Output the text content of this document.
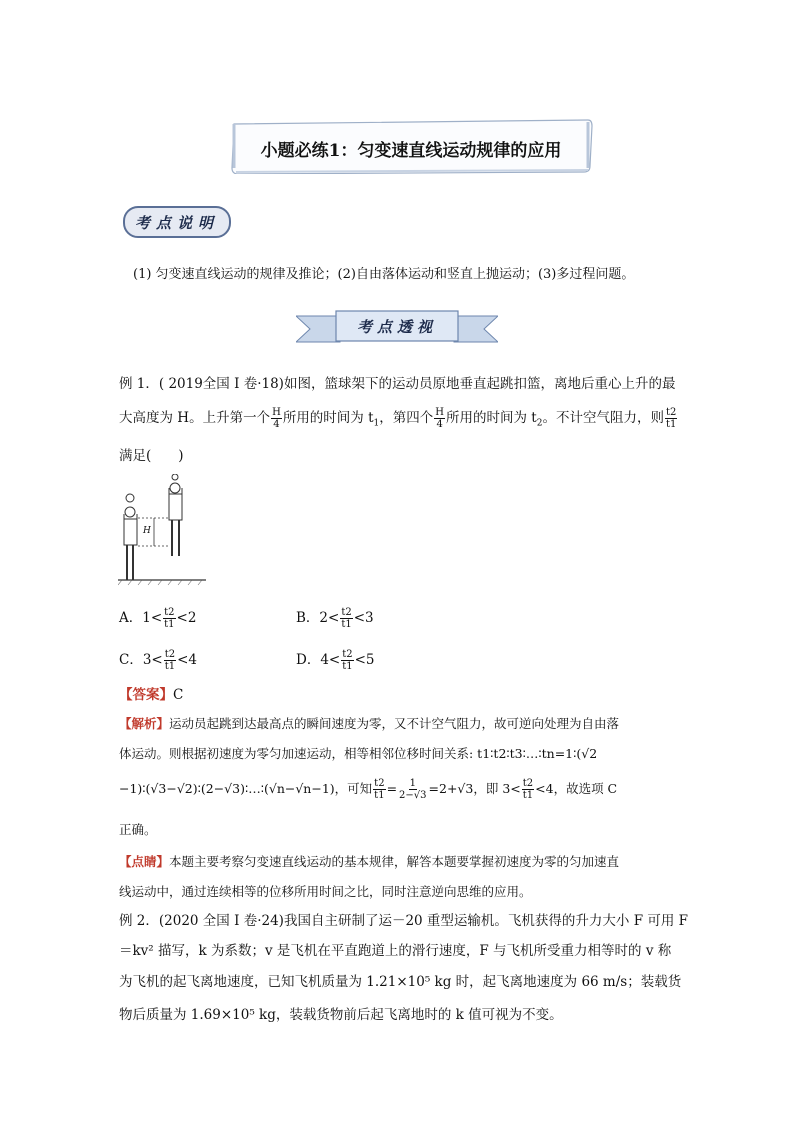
小题必练1：匀变速直线运动规律的应用
考点说明
(1) 匀变速直线运动的规律及推论；(2)自由落体运动和竖直上抛运动；(3)多过程问题。
考点透视
例 1．( 2019全国 I 卷·18)如图，篮球架下的运动员原地垂直起跳扣篮，离地后重心上升的最
大高度为 H。上升第一个 $\frac{H}{4}$ 所用的时间为 $t_1$，第四个 $\frac{H}{4}$ 所用的时间为 $t_2$。不计空气阻力，则 $\frac{t2}{t1}$
满足(　　)
H
A．$1< \frac{t2}{t1} <2$	B．$2< \frac{t2}{t1} <3$
C．$3< \frac{t2}{t1} <4$	D．$4< \frac{t2}{t1} <5$
【答案】C
【解析】运动员起跳到达最高点的瞬间速度为零，又不计空气阻力，故可逆向处理为自由落
体运动。则根据初速度为零匀加速运动，相等相邻位移时间关系: t1∶t2∶t3∶…∶tn=1∶(√2
−1)∶(√3−√2)∶(2−√3)∶…∶(√n−√n−1)，可知 $\frac{t2}{t1} = \frac{1}{2-√3} =2+√3$，即 $3< \frac{t2}{t1} <4$，故选项 C
正确。
【点睛】本题主要考察匀变速直线运动的基本规律，解答本题要掌握初速度为零的匀加速直
线运动中，通过连续相等的位移所用时间之比，同时注意逆向思维的应用。
例 2．(2020 全国 I 卷·24)我国自主研制了运－20 重型运输机。飞机获得的升力大小 F 可用 F
＝kv² 描写，k 为系数；v 是飞机在平直跑道上的滑行速度，F 与飞机所受重力相等时的 v 称
为飞机的起飞离地速度，已知飞机质量为 1.21×10⁵ kg 时，起飞离地速度为 66 m/s；装载货
物后质量为 1.69×10⁵ kg，装载货物前后起飞离地时的 k 值可视为不变。
